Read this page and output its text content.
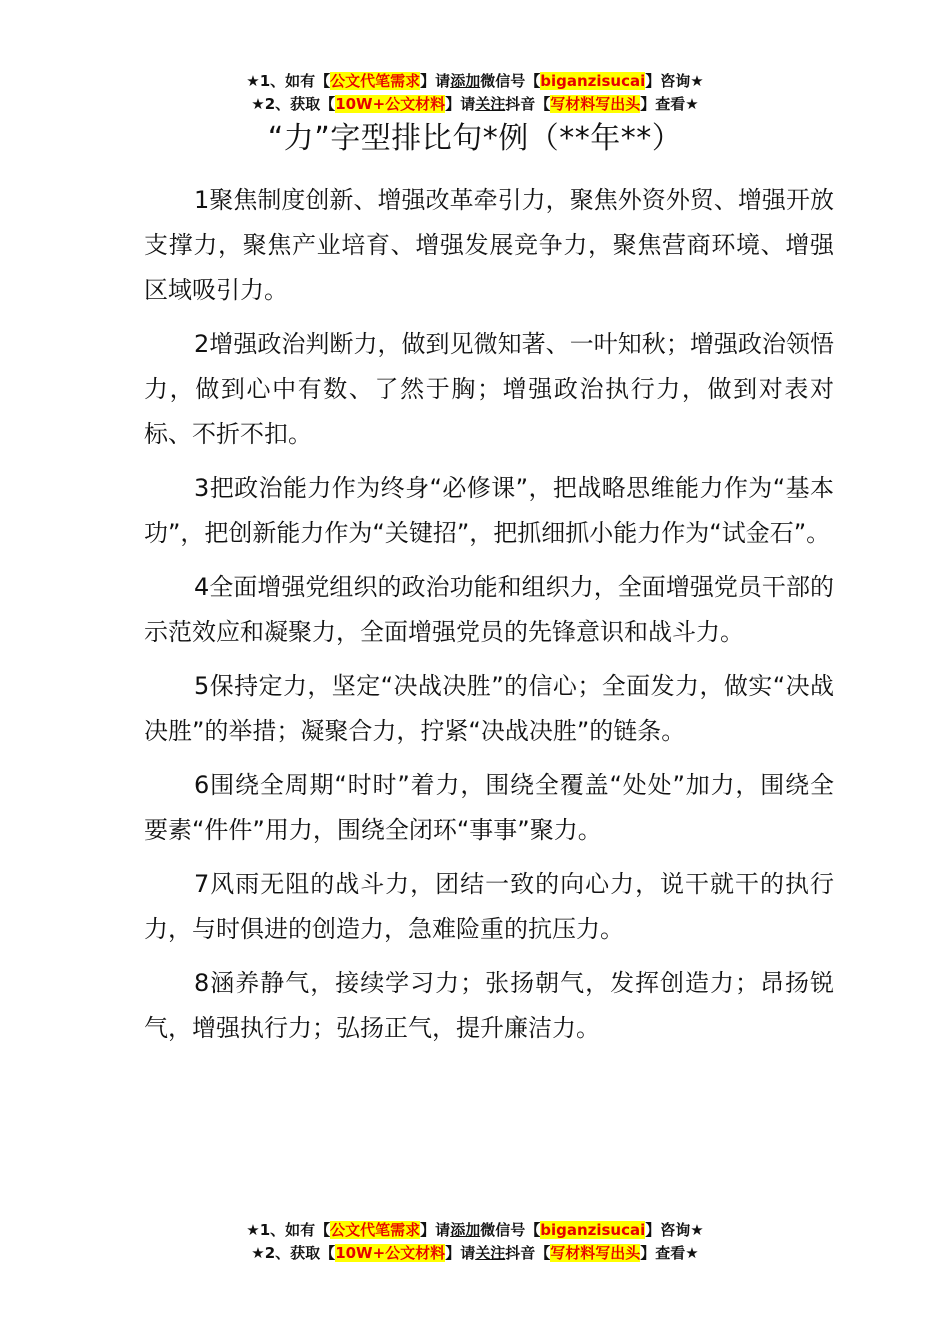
★1、如有【公文代笔需求】请添加微信号【biganzisucai】咨询★
★2、获取【10W+公文材料】请关注抖音【写材料写出头】查看★
“力”字型排比句*例（**年**）

1聚焦制度创新、增强改革牵引力，聚焦外资外贸、增强开放支撑力，聚焦产业培育、增强发展竞争力，聚焦营商环境、增强区域吸引力。

2增强政治判断力，做到见微知著、一叶知秋；增强政治领悟力，做到心中有数、了然于胸；增强政治执行力，做到对表对标、不折不扣。

3把政治能力作为终身“必修课”，把战略思维能力作为“基本功”，把创新能力作为“关键招”，把抓细抓小能力作为“试金石”。

4全面增强党组织的政治功能和组织力，全面增强党员干部的示范效应和凝聚力，全面增强党员的先锋意识和战斗力。

5保持定力，坚定“决战决胜”的信心；全面发力，做实“决战决胜”的举措；凝聚合力，拧紧“决战决胜”的链条。

6围绕全周期“时时”着力，围绕全覆盖“处处”加力，围绕全要素“件件”用力，围绕全闭环“事事”聚力。

7风雨无阻的战斗力，团结一致的向心力，说干就干的执行力，与时俱进的创造力，急难险重的抗压力。

8涵养静气，接续学习力；张扬朝气，发挥创造力；昂扬锐气，增强执行力；弘扬正气，提升廉洁力。

★1、如有【公文代笔需求】请添加微信号【biganzisucai】咨询★
★2、获取【10W+公文材料】请关注抖音【写材料写出头】查看★
